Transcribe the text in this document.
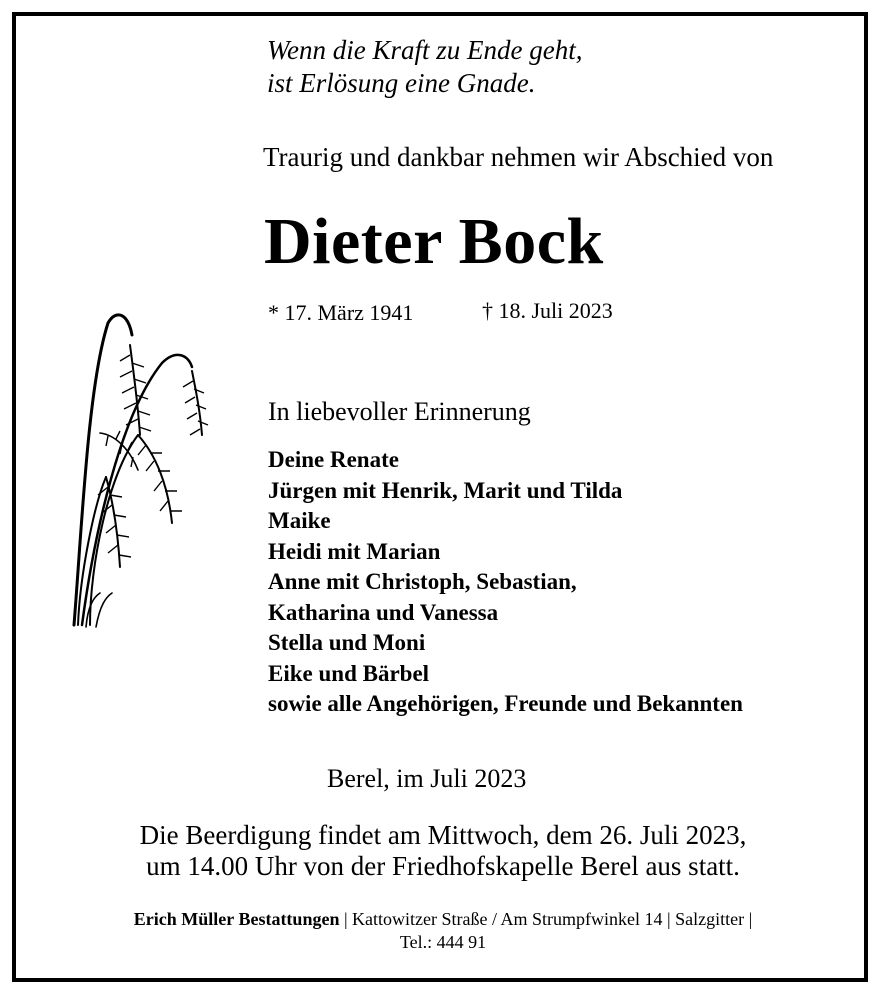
Wenn die Kraft zu Ende geht,
ist Erlösung eine Gnade.
Traurig und dankbar nehmen wir Abschied von
Dieter Bock
* 17. März 1941	† 18. Juli 2023
In liebevoller Erinnerung
Deine Renate
Jürgen mit Henrik, Marit und Tilda
Maike
Heidi mit Marian
Anne mit Christoph, Sebastian,
Katharina und Vanessa
Stella und Moni
Eike und Bärbel
sowie alle Angehörigen, Freunde und Bekannten
Berel, im Juli 2023
Die Beerdigung findet am Mittwoch, dem 26. Juli 2023,
um 14.00 Uhr von der Friedhofskapelle Berel aus statt.
Erich Müller Bestattungen | Kattowitzer Straße / Am Strumpfwinkel 14 | Salzgitter |
Tel.: 444 91
